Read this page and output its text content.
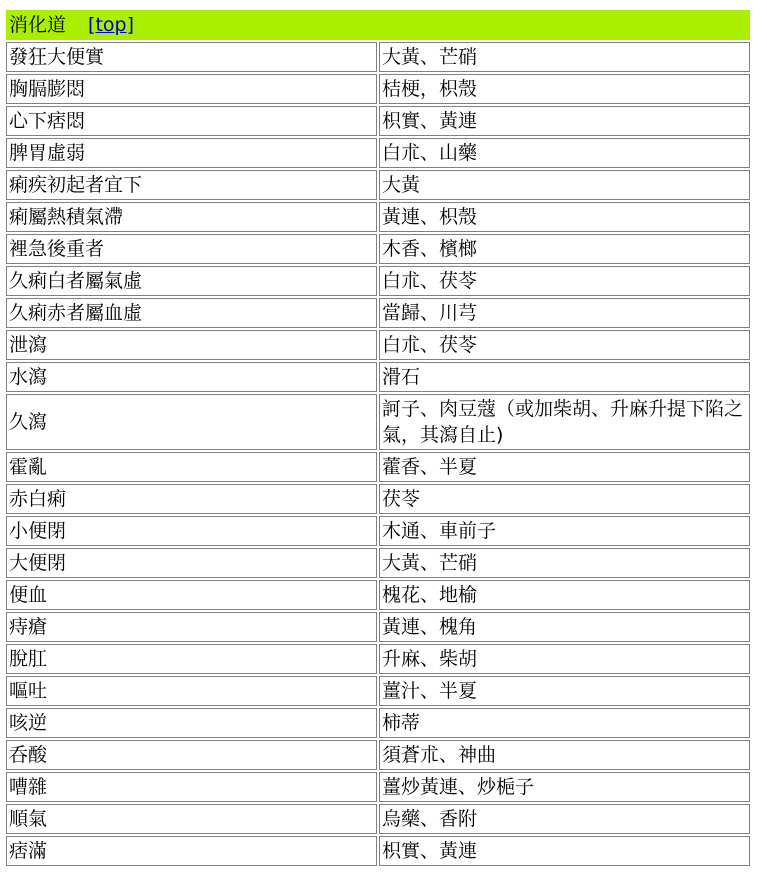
消化道 [top]	
發狂大便實	大黃、芒硝
胸膈膨悶	桔梗，枳殼
心下痞悶	枳實、黃連
脾胃虛弱	白朮、山藥
痢疾初起者宜下	大黃
痢屬熱積氣滯	黃連、枳殼
裡急後重者	木香、檳榔
久痢白者屬氣虛	白朮、茯苓
久痢赤者屬血虛	當歸、川芎
泄瀉	白朮、茯苓
水瀉	滑石
久瀉	訶子、肉豆蔻（或加柴胡、升麻升提下陷之氣，其瀉自止)
霍亂	藿香、半夏
赤白痢	茯苓
小便閉	木通、車前子
大便閉	大黃、芒硝
便血	槐花、地榆
痔瘡	黃連、槐角
脫肛	升麻、柴胡
嘔吐	薑汁、半夏
咳逆	柿蒂
呑酸	須蒼朮、神曲
嘈雜	薑炒黃連、炒梔子
順氣	烏藥、香附
痞滿	枳實、黃連
